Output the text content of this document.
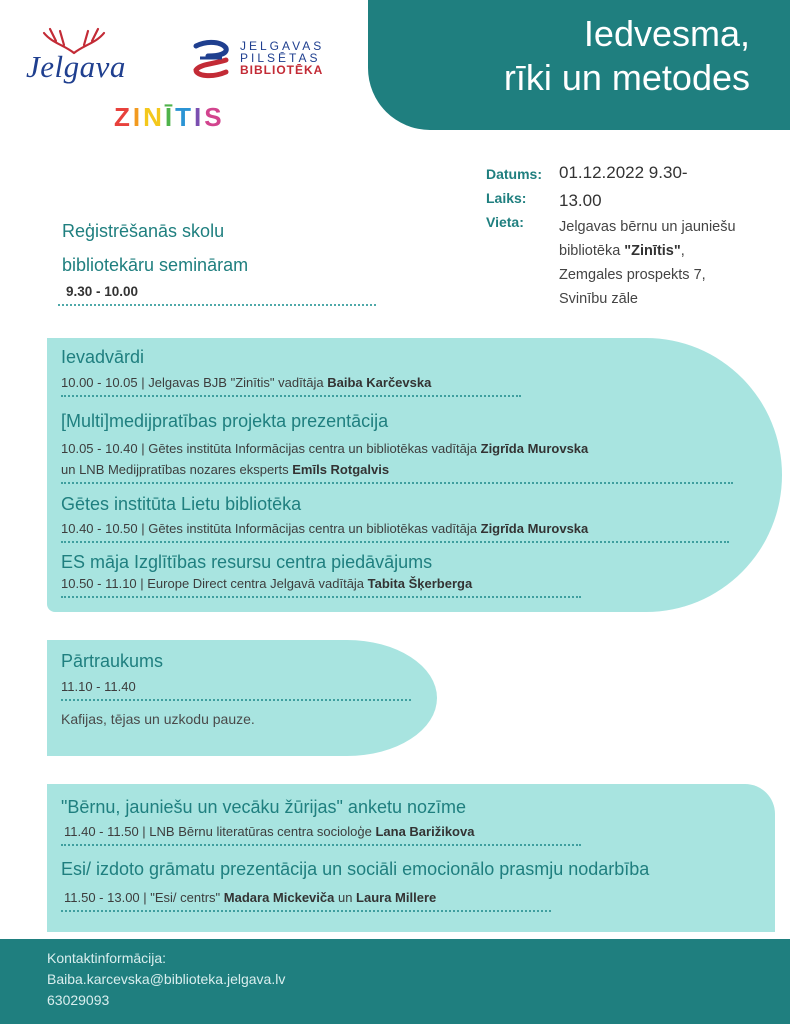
Iedvesma,
rīki un metodes
Jelgava
JELGAVAS
PILSĒTAS
BIBLIOTĒKA
ZINĪTIS
Datums:
Laiks:
Vieta:
01.12.2022 9.30-
13.00
Jelgavas bērnu un jauniešu
bibliotēka "Zinītis",
Zemgales prospekts 7,
Svinību zāle
Reģistrēšanās skolu
bibliotekāru semināram
9.30 - 10.00
Ievadvārdi
10.00 - 10.05 | Jelgavas BJB "Zinītis" vadītāja Baiba Karčevska
[Multi]medijpratības projekta prezentācija
10.05 - 10.40 | Gētes institūta Informācijas centra un bibliotēkas vadītāja Zigrīda Murovska
un LNB Medijpratības nozares eksperts Emīls Rotgalvis
Gētes institūta Lietu bibliotēka
10.40 - 10.50 | Gētes institūta Informācijas centra un bibliotēkas vadītāja Zigrīda Murovska
ES māja Izglītības resursu centra piedāvājums
10.50 - 11.10 | Europe Direct centra Jelgavā vadītāja Tabita Šķerberga
Pārtraukums
11.10 - 11.40
Kafijas, tējas un uzkodu pauze.
"Bērnu, jauniešu un vecāku žūrijas" anketu nozīme
11.40 - 11.50 | LNB Bērnu literatūras centra socioloģe Lana Barižikova
Esi/ izdoto grāmatu prezentācija un sociāli emocionālo prasmju nodarbība
11.50 - 13.00 | "Esi/ centrs" Madara Mickeviča un Laura Millere
Kontaktinformācija:
Baiba.karcevska@biblioteka.jelgava.lv
63029093
